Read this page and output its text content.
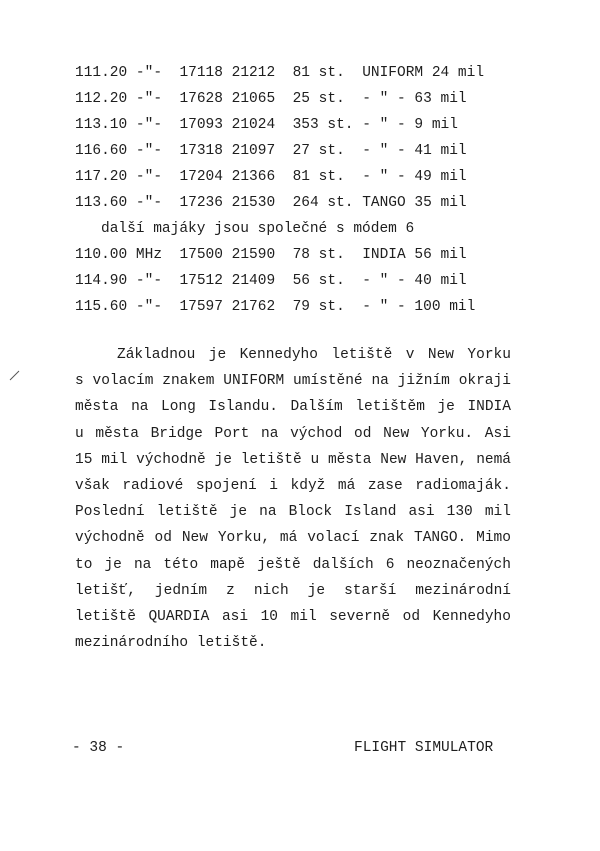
111.20 -"-  17118 21212  81 st.  UNIFORM 24 mil
112.20 -"-  17628 21065  25 st.  - " - 63 mil
113.10 -"-  17093 21024  353 st. - " - 9 mil
116.60 -"-  17318 21097  27 st.  - " - 41 mil
117.20 -"-  17204 21366  81 st.  - " - 49 mil
113.60 -"-  17236 21530  264 st. TANGO 35 mil
další majáky jsou společné s módem 6
110.00 MHz  17500 21590  78 st.  INDIA 56 mil
114.90 -"-  17512 21409  56 st.  - " - 40 mil
115.60 -"-  17597 21762  79 st.  - " - 100 mil
Základnou je Kennedyho letiště v New Yorku
s volacím znakem UNIFORM umístěné na jižním okraji
města na Long Islandu. Dalším letištěm je INDIA
u města Bridge Port na východ od New Yorku. Asi
15 mil východně je letiště u města New Haven, nemá
však radiové spojení i když má zase radiomaják.
Poslední letiště je na Block Island asi 130 mil
východně od New Yorku, má volací znak TANGO. Mimo
to je na této mapě ještě dalších 6 neoznačených
letišť, jedním z nich je starší mezinárodní
letiště QUARDIA asi 10 mil severně od Kennedyho
mezinárodního letiště.
- 38 -	FLIGHT SIMULATOR
